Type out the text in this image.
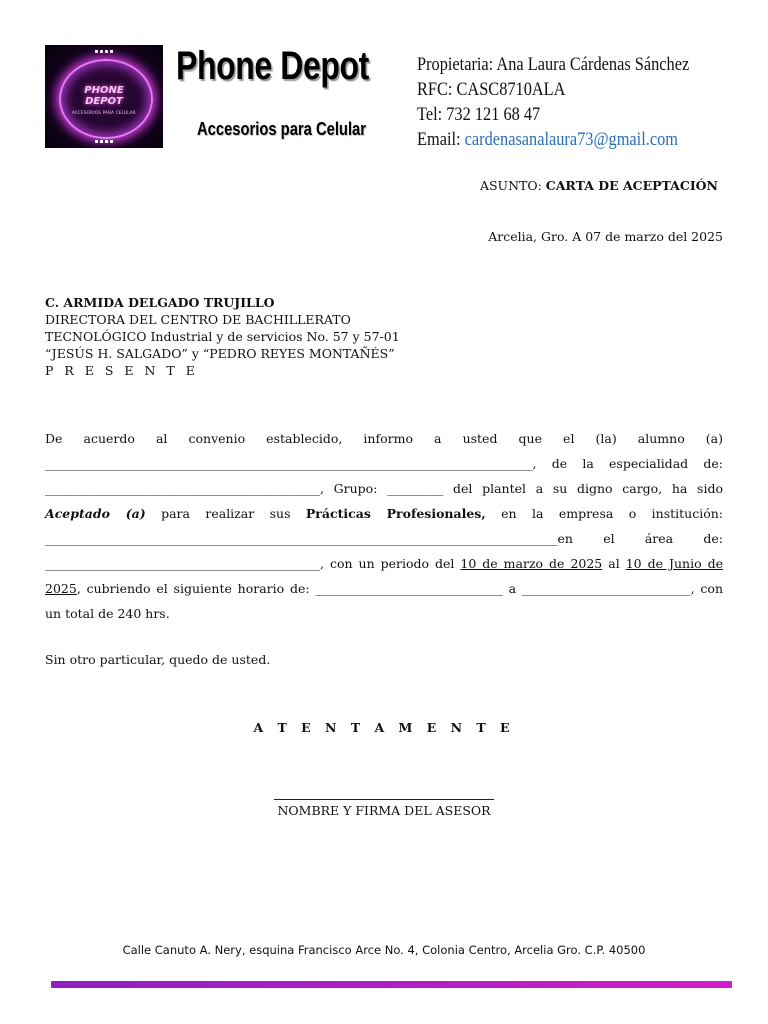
PHONE
DEPOT
ACCESORIOS PARA CELULAR
Phone Depot
Accesorios para Celular
Propietaria: Ana Laura Cárdenas Sánchez
RFC: CASC8710ALA
Tel: 732 121 68 47
Email: cardenasanalaura73@gmail.com
ASUNTO: CARTA DE ACEPTACIÓN
Arcelia, Gro. A 07 de marzo del 2025
C. ARMIDA DELGADO TRUJILLO
DIRECTORA DEL CENTRO DE BACHILLERATO
TECNOLÓGICO Industrial y de servicios No. 57 y 57-01
“JESÚS H. SALGADO” y “PEDRO REYES MONTAÑÉS”
P R E S E N T E

De acuerdo al convenio establecido, informo a usted que el (la) alumno (a) ______________________________________________________________________________, de la especialidad de: ____________________________________________, Grupo: _________ del plantel a su digno cargo, ha sido Aceptado (a) para realizar sus Prácticas Profesionales, en la empresa o institución: __________________________________________________________________________________en el área de: ____________________________________________, con un periodo del 10 de marzo de 2025 al 10 de Junio de 2025, cubriendo el siguiente horario de: ______________________________ a ___________________________, con un total de 240 hrs.

Sin otro particular, quedo de usted.
A T E N T A M E N T E
NOMBRE Y FIRMA DEL ASESOR
Calle Canuto A. Nery, esquina Francisco Arce No. 4, Colonia Centro, Arcelia Gro. C.P. 40500
